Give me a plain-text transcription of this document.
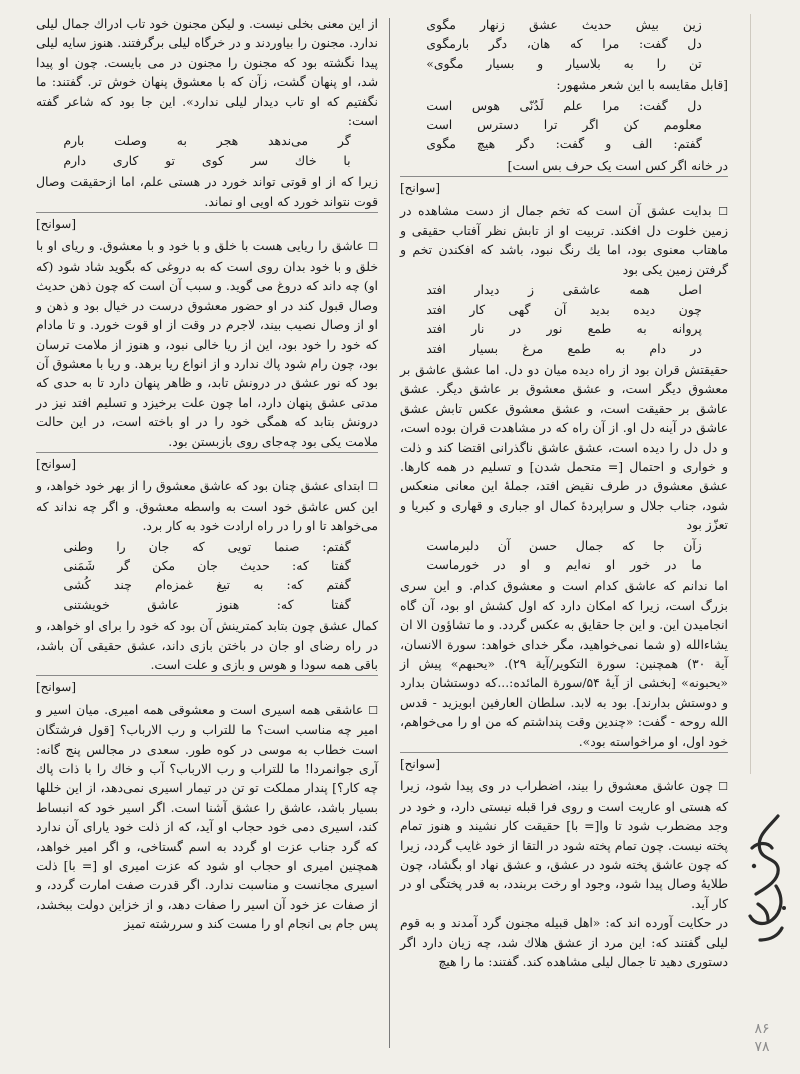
زین بیش حدیث عشق زنهار مگوی
دل گفت: مرا که هان، دگر بارمگوی
تن را به بلاسیار و بسیار مگوی»

[قابل مقایسه با این شعر مشهور:

دل گفت: مرا علم لَدُنّی هوس است
معلومم کن اگر ترا دسترس است
گفتم: الف و گفت: دگر هیچ مگوی

در خانه اگر کس است یک حرف بس است]

[سوانح]

☐ بدایت عشق آن است که تخم جمال از دست مشاهده در زمین خلوت دل افکند. تربیت او از تابش نظر آفتاب حقیقی و ماهتاب معنوی بود، اما یك رنگ نبود، باشد که افکندن تخم و گرفتن زمین یکی بود

اصل همه عاشقی ز دیدار افتد
چون دیده بدید آن گهی کار افتد
پروانه به طمع نور در نار افتد
در دام به طمع مرغ بسیار افتد

حقیقتش قران بود از راه دیده میان دو دل. اما عشق عاشق بر معشوق دیگر است، و عشق معشوق بر عاشق دیگر. عشق عاشق بر حقیقت است، و عشق معشوق عکس تابش عشق عاشق در آینه دل او. از آن راه که در مشاهدت قران بوده است، و دل دل را دیده است، عشق عاشق ناگذرانی اقتضا کند و ذلت و خواری و احتمال [= متحمل شدن] و تسلیم در همه کارها. عشق معشوق در طرف نقیض افتد، جملهٔ این معانی منعکس شود، جناب جلال و سراپردهٔ کمال او جباری و قهاری و کبریا و تعزّز بود

زآن جا که جمال حسن آن دلبرماست
ما در خور او نه‌ایم و او در خورماست

اما ندانم که عاشق کدام است و معشوق کدام. و این سری بزرگ است، زیرا که امکان دارد که اول کشش او بود، آن گاه انجامیدن این. و این جا حقایق به عکس گردد. و ما تشاؤون الا ان یشاءالله (و شما نمی‌خواهید، مگر خدای خواهد: سورة الانسان، آیة ۳۰) همچنین: سورة التکویر/آیة ۲۹). «یحبهم» پیش از «یحبونه» [بخشی از آیهٔ ۵۴/سورة المائده:...که دوستشان بدارد و دوستش بدارند]. بود به لابد. سلطان العارفین ابویزید - قدس الله روحه - گفت: «چندین وقت پنداشتم که من او را می‌خواهم، خود اول، او مراخواسته بود».

[سوانح]

☐ چون عاشق معشوق را بیند، اضطراب در وی پیدا شود، زیرا که هستی او عاریت است و روی فرا قبله نیستی دارد، و خود در وجد مضطرب شود تا وا[= با] حقیقت کار نشیند و هنوز تمام پخته نیست. چون تمام پخته شود در التقا از خود غایب گردد، زیرا که چون عاشق پخته شود در عشق، و عشق نهاد او بگشاد، چون طلایهٔ وصال پیدا شود، وجود او رخت بربندد، به قدر پختگی او در کار آید.

در حکایت آورده اند که: «اهل قبیله مجنون گرد آمدند و به قوم لیلی گفتند که: این مرد از عشق هلاك شد، چه زیان دارد اگر دستوری دهید تا جمال لیلی مشاهده کند. گفتند: ما را هیچ

از این معنی بخلی نیست. و لیکن مجنون خود تاب ادراك جمال لیلی ندارد. مجنون را بیاوردند و در خرگاه لیلی برگرفتند. هنوز سایه لیلی پیدا نگشته بود که مجنون را مجنون در می بایست. چون او پیدا شد، او پنهان گشت، زآن که با معشوق پنهان خوش تر. گفتند: ما نگفتیم که او تاب دیدار لیلی ندارد». این جا بود که شاعر گفته است:

گر می‌ندهد هجر به وصلت بارم
با خاك سر کوی تو کاری دارم

زیرا که از او قوتی تواند خورد در هستی علم، اما ازحقیقت وصال قوت نتواند خورد که اویی او نماند.

[سوانح]

☐ عاشق را ریایی هست با خلق و با خود و با معشوق. و ریای او با خلق و با خود بدان روی است که به دروغی که بگوید شاد شود (که او) چه داند که دروغ می گوید. و سبب آن است که چون ذهن حدیث وصال قبول کند در او حضور معشوق درست در خیال بود و ذهن و او از وصال نصیب بیند، لاجرم در وقت از او قوت خورد. و تا مادام که خود را خود بود، این از ریا خالی نبود، و هنوز از ملامت ترسان بود، چون رام شود پاك ندارد و از انواع ریا برهد. و ریا با معشوق آن بود که نور عشق در درونش تابد، و ظاهر پنهان دارد تا به حدی که مدتی عشق پنهان دارد، اما چون علت برخیزد و تسلیم افتد نیز در درونش بتابد که همگی خود را در او باخته است، در این حالت ملامت یکی بود چه‌جای روی بازبستن بود.

[سوانح]

☐ ابتدای عشق چنان بود که عاشق معشوق را از بهر خود خواهد، و این کس عاشق خود است به واسطه معشوق. و اگر چه نداند که می‌خواهد تا او را در راه ارادت خود به کار برد.

گفتم: صنما تویی که جان را وطنی
گفتا که: حدیث جان مکن گر شَمَنی
گفتم که: به تیغ غمزه‌ام چند کُشی
گفتا که: هنوز عاشق خویشتنی

کمال عشق چون بتابد کمترینش آن بود که خود را برای او خواهد، و در راه رضای او جان در باختن بازی داند، عشق حقیقی آن باشد، باقی همه سودا و هوس و بازی و علت است.

[سوانح]

☐ عاشقی همه اسیری است و معشوقی همه امیری. میان اسیر و امیر چه مناسب است؟ ما للتراب و رب الارباب؟ [قول فرشتگان است خطاب به موسی در کوه طور. سعدی در مجالس پنج گانه: آری جوانمردا! ما للتراب و رب الارباب؟ آب و خاك را با ذات پاك چه کار؟] پندار مملکت تو تن در تیمار اسیری نمی‌دهد، از این خللها بسیار باشد، عاشق را عشق آشنا است. اگر اسیر خود که انبساط کند، اسیری دمی خود حجاب او آید، که از ذلت خود یارای آن ندارد که گرد جناب عزت او گردد به اسم گستاخی، و اگر امیر خواهد، همچنین امیری او حجاب او شود که عزت امیری او [= با] ذلت اسیری مجانست و مناسبت ندارد. اگر قدرت صفت امارت گردد، و از صفات عز خود آن اسیر را صفات دهد، و از خزاین دولت ببخشد، پس جام بی انجام او را مست کند و سررشته تمیز

۸۶
۷۸
